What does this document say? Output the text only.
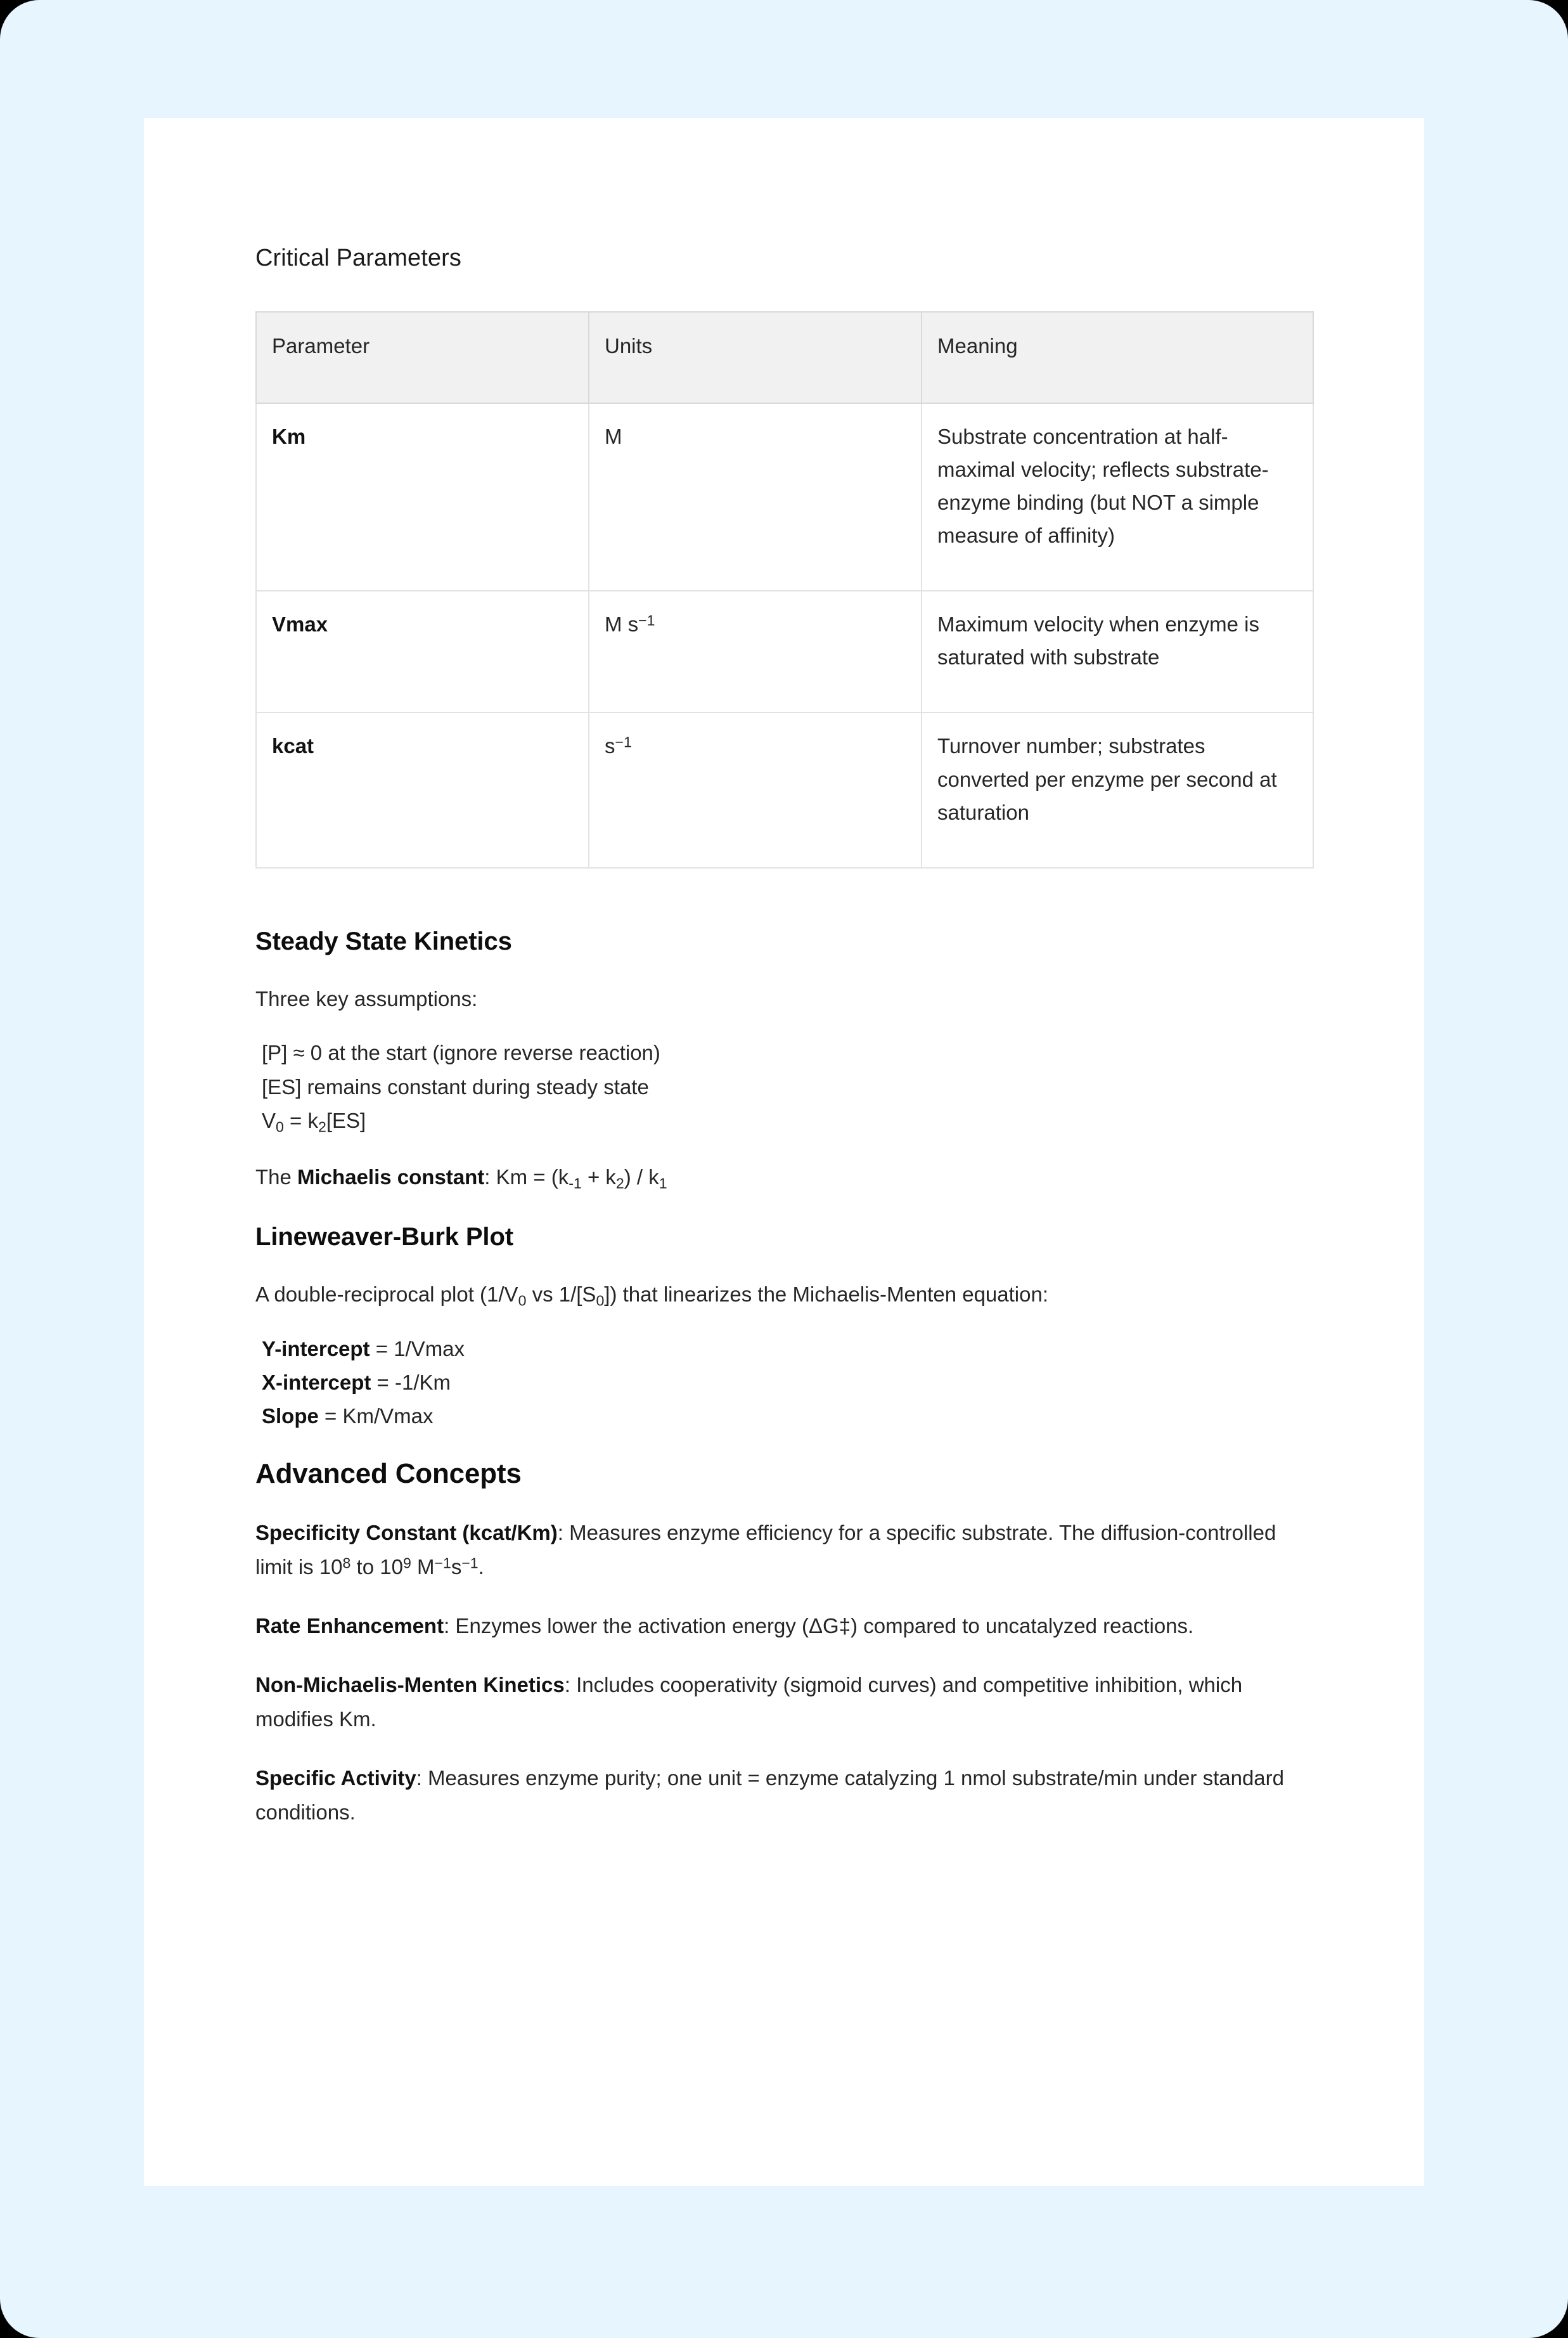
Critical Parameters
Parameter	Units	Meaning
Km	M	Substrate concentration at half-maximal velocity; reflects substrate-enzyme binding (but NOT a simple measure of affinity)
Vmax	M $s^{-1}$	Maximum velocity when enzyme is saturated with substrate
kcat	$s^{-1}$	Turnover number; substrates converted per enzyme per second at saturation
Steady State Kinetics

Three key assumptions:

[P] ≈ 0 at the start (ignore reverse reaction)
[ES] remains constant during steady state
$V_0 = k_2[ES]$

The Michaelis constant: $Km = (k_{-1} + k_2) / k_1$

Lineweaver-Burk Plot

A double-reciprocal plot ($1/V_0$ vs $1/[S_0]$) that linearizes the Michaelis-Menten equation:

Y-intercept = 1/Vmax
X-intercept = -1/Km
Slope = Km/Vmax
Advanced Concepts

Specificity Constant (kcat/Km): Measures enzyme efficiency for a specific substrate. The diffusion-controlled limit is $10^8$ to $10^9$ $M^{-1}s^{-1}$.

Rate Enhancement: Enzymes lower the activation energy (ΔG‡) compared to uncatalyzed reactions.

Non-Michaelis-Menten Kinetics: Includes cooperativity (sigmoid curves) and competitive inhibition, which modifies Km.

Specific Activity: Measures enzyme purity; one unit = enzyme catalyzing 1 nmol substrate/min under standard conditions.
